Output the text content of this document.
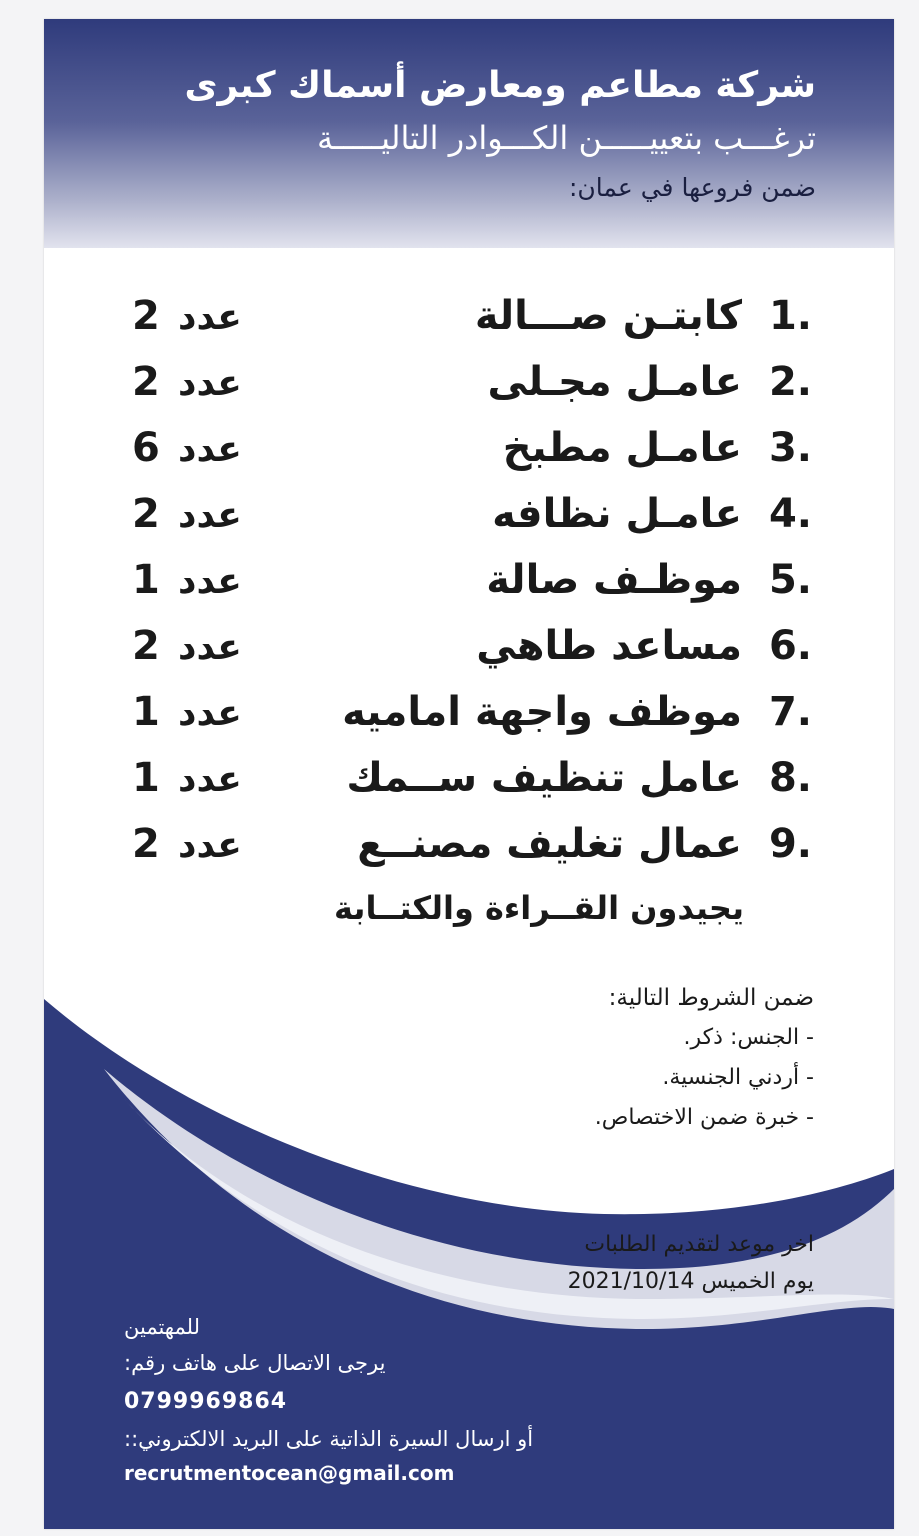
شركة مطاعم ومعارض أسماك كبرى
ترغـــب بتعييـــــن الكـــوادر التاليـــــة
ضمن فروعها في عمان:
1.
كابتـن صـــالة
عدد
2
2.
عامـل مجـلى
عدد
2
3.
عامـل مطبخ
عدد
6
4.
عامـل نظافه
عدد
2
5.
موظـف صالة
عدد
1
6.
مساعد طاهي
عدد
2
7.
موظف واجهة اماميه
عدد
1
8.
عامل تنظيف ســمك
عدد
1
9.
عمال تغليف مصنــع
عدد
2
يجيدون القــراءة والكتــابة
ضمن الشروط التالية:
- الجنس: ذكر.
- أردني الجنسية.
- خبرة ضمن الاختصاص.
اخر موعد لتقديم الطلبات
يوم الخميس 2021/10/14
للمهتمين
يرجى الاتصال على هاتف رقم:
0799969864
أو ارسال السيرة الذاتية على البريد الالكتروني::
recrutmentocean@gmail.com
